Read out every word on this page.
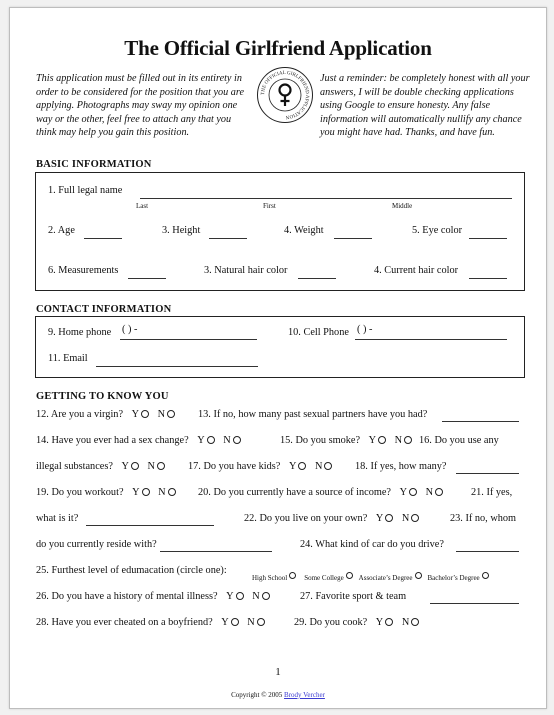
The Official Girlfriend Application
This application must be filled out in its entirety in order to be considered for the position that you are applying. Photographs may sway my opinion one way or the other, feel free to attach any that you think may help you gain this position.
THE OFFICIAL GIRLFRIEND APPLICATION
Just a reminder: be completely honest with all your answers, I will be double checking applications using Google to ensure honesty. Any false information will automatically nullify any chance you might have had. Thanks, and have fun.
BASIC INFORMATION
1. Full legal name
Last	First	Middle
2. Age	3. Height	4. Weight	5. Eye color
6. Measurements	3. Natural hair color	4. Current hair color
CONTACT INFORMATION
9. Home phone ( ) -	10. Cell Phone ( ) -
11. Email
GETTING TO KNOW YOU
12. Are you a virgin? Y N	13. If no, how many past sexual partners have you had?
14. Have you ever had a sex change? Y N	15. Do you smoke? Y N	16. Do you use any
illegal substances? Y N	17. Do you have kids? Y N	18. If yes, how many?
19. Do you workout? Y N	20. Do you currently have a source of income? Y N	21. If yes,
what is it?	22. Do you live on your own? Y N	23. If no, whom
do you currently reside with?	24. What kind of car do you drive?
25. Furthest level of edumacation (circle one):
High School Some College Associate’s Degree Bachelor’s Degree
26. Do you have a history of mental illness? Y N	27. Favorite sport & team
28. Have you ever cheated on a boyfriend? Y N	29. Do you cook? Y N
1
Copyright © 2005 Brody Vercher
